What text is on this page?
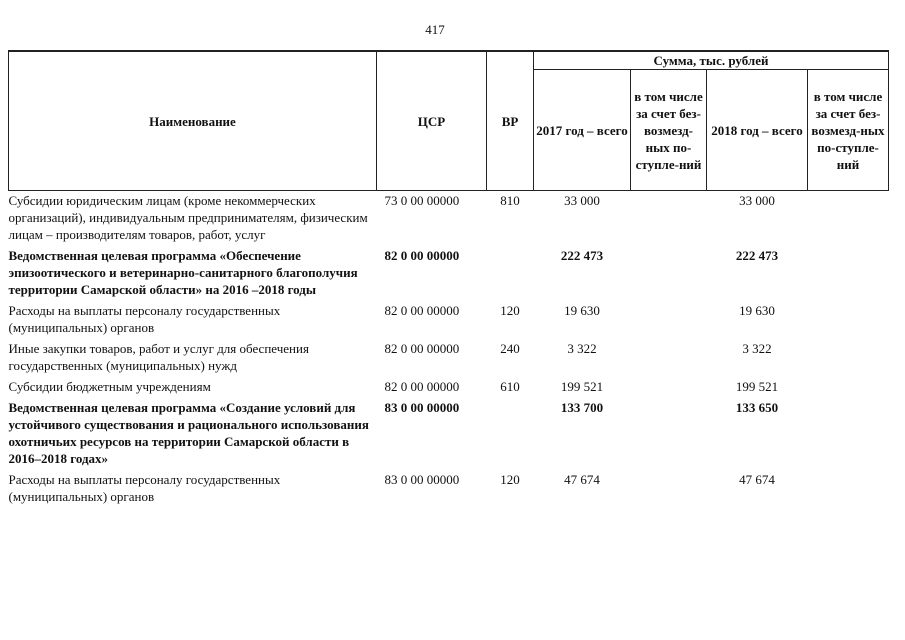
417
Наименование	ЦСР	ВР	Сумма, тыс. рублей			
			2017 год – всего	в том числе за счет без-возмезд-ных по-ступле-ний	2018 год – всего	в том числе за счет без-возмезд-ных по-ступле-ний
Субсидии юридическим лицам (кроме некоммерческих организаций), индивидуальным предпринимателям, физическим лицам – производителям товаров, работ, услуг	73 0 00 00000	810	33 000		33 000	
Ведомственная целевая программа «Обеспечение эпизоотического и ветеринарно-санитарного благополучия территории Самарской области» на 2016 –2018 годы	82 0 00 00000		222 473		222 473	
Расходы на выплаты персоналу государственных (муниципальных) органов	82 0 00 00000	120	19 630		19 630	
Иные закупки товаров, работ и услуг для обеспечения государственных (муниципальных) нужд	82 0 00 00000	240	3 322		3 322	
Субсидии бюджетным учреждениям	82 0 00 00000	610	199 521		199 521	
Ведомственная целевая программа «Создание условий для устойчивого существования и рационального использования охотничьих ресурсов на территории Самарской области в 2016–2018 годах»	83 0 00 00000		133 700		133 650	
Расходы на выплаты персоналу государственных (муниципальных) органов	83 0 00 00000	120	47 674		47 674	
